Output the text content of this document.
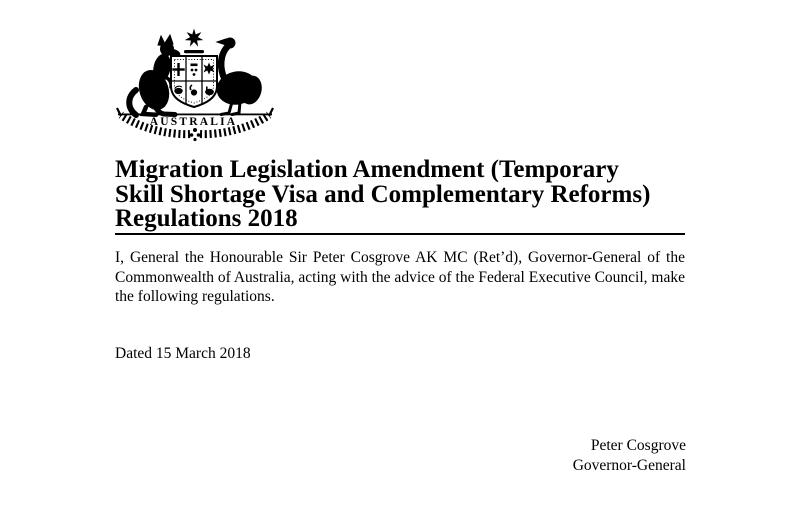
AUSTRALIA
Migration Legislation Amendment (Temporary
Skill Shortage Visa and Complementary Reforms)
Regulations 2018

I, General the Honourable Sir Peter Cosgrove AK MC (Ret’d), Governor-General of the Commonwealth of Australia, acting with the advice of the Federal Executive Council, make the following regulations.

Dated 15 March 2018

Peter Cosgrove
Governor-General
